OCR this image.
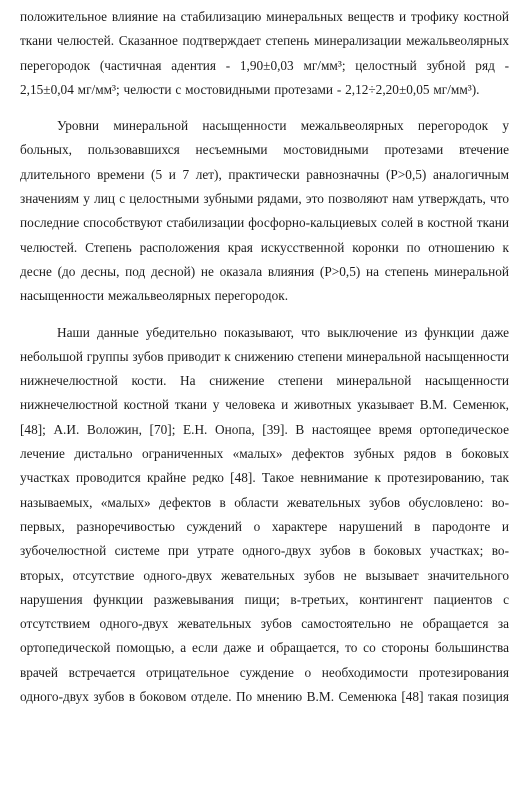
положительное влияние на стабилизацию минеральных веществ и трофику костной ткани челюстей. Сказанное подтверждает степень минерализации межальвеолярных перегородок (частичная адентия - 1,90±0,03 мг/мм³; целостный зубной ряд - 2,15±0,04 мг/мм³; челюсти с мостовидными протезами - 2,12÷2,20±0,05 мг/мм³).

Уровни минеральной насыщенности межальвеолярных перегородок у больных, пользовавшихся несъемными мостовидными протезами втечение длительного времени (5 и 7 лет), практически равнозначны (P>0,5) аналогичным значениям у лиц с целостными зубными рядами, это позволяют нам утверждать, что последние способствуют стабилизации фосфорно-кальциевых солей в костной ткани челюстей. Степень расположения края искусственной коронки по отношению к десне (до десны, под десной) не оказала влияния (P>0,5) на степень минеральной насыщенности межальвеолярных перегородок.

Наши данные убедительно показывают, что выключение из функции даже небольшой группы зубов приводит к снижению степени минеральной насыщенности нижнечелюстной кости. На снижение степени минеральной насыщенности нижнечелюстной костной ткани у человека и животных указывает В.М. Семенюк, [48]; А.И. Воложин, [70]; Е.Н. Онопа, [39]. В настоящее время ортопедическое лечение дистально ограниченных «малых» дефектов зубных рядов в боковых участках проводится крайне редко [48]. Такое невнимание к протезированию, так называемых, «малых» дефектов в области жевательных зубов обусловлено: во-первых, разноречивостью суждений о характере нарушений в пародонте и зубочелюстной системе при утрате одного-двух зубов в боковых участках; во-вторых, отсутствие одного-двух жевательных зубов не вызывает значительного нарушения функции разжевывания пищи; в-третьих, контингент пациентов с отсутствием одного-двух жевательных зубов самостоятельно не обращается за ортопедической помощью, а если даже и обращается, то со стороны большинства врачей встречается отрицательное суждение о необходимости протезирования одного-двух зубов в боковом отделе. По мнению В.М. Семенюка [48] такая позиция
